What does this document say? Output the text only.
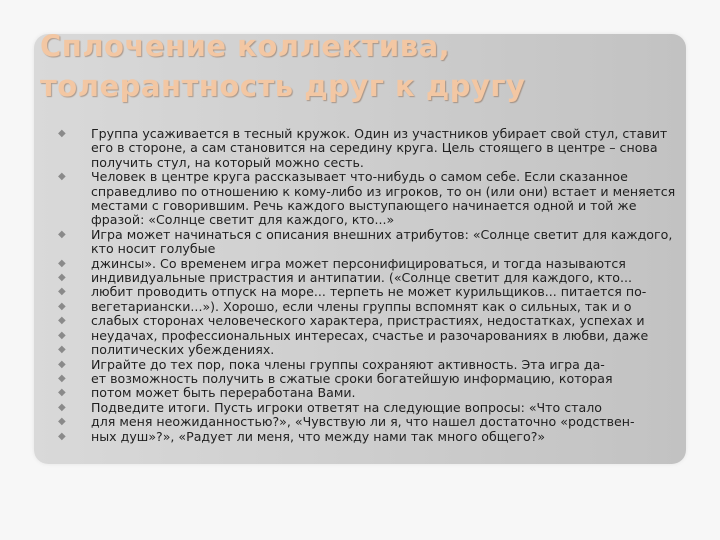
Сплочение коллектива,
толерантность друг к другу
◆ Группа усаживается в тесный кружок. Один из участников убирает свой стул, ставит
его в стороне, а сам становится на середину круга. Цель стоящего в центре – снова
получить стул, на который можно сесть.
◆ Человек в центре круга рассказывает что-нибудь о самом себе. Если сказанное
справедливо по отношению к кому-либо из игроков, то он (или они) встает и меняется
местами с говорившим. Речь каждого выступающего начинается одной и той же
фразой: «Солнце светит для каждого, кто...»
◆ Игра может начинаться с описания внешних атрибутов: «Солнце светит для каждого,
кто носит голубые
◆ джинсы». Со временем игра может персонифицироваться, и тогда называются
◆ индивидуальные пристрастия и антипатии. («Солнце светит для каждого, кто...
◆ любит проводить отпуск на море... терпеть не может курильщиков... питается по-
◆ вегетариански...»). Хорошо, если члены группы вспомнят как о сильных, так и о
◆ слабых сторонах человеческого характера, пристрастиях, недостатках, успехах и
◆ неудачах, профессиональных интересах, счастье и разочарованиях в любви, даже
◆ политических убеждениях.
◆ Играйте до тех пор, пока члены группы сохраняют активность. Эта игра да-
◆ ет возможность получить в сжатые сроки богатейшую информацию, которая
◆ потом может быть переработана Вами.
◆ Подведите итоги. Пусть игроки ответят на следующие вопросы: «Что стало
◆ для меня неожиданностью?», «Чувствую ли я, что нашел достаточно «родствен-
◆ ных душ»?», «Радует ли меня, что между нами так много общего?»
